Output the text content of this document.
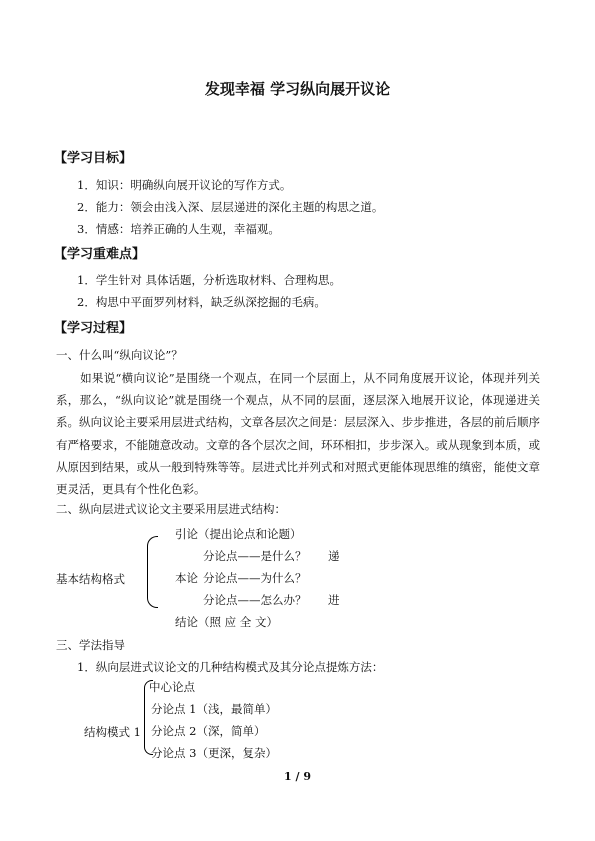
发现幸福 学习纵向展开议论
【学习目标】
1．知识：明确纵向展开议论的写作方式。
2．能力：领会由浅入深、层层递进的深化主题的构思之道。
3．情感：培养正确的人生观，幸福观。
【学习重难点】
1．学生针对 具体话题，分析选取材料、合理构思。
2．构思中平面罗列材料，缺乏纵深挖掘的毛病。
【学习过程】
一、什么叫“纵向议论”？
如果说“横向议论”是围绕一个观点，在同一个层面上，从不同角度展开议论，体现并列关系，那么，“纵向议论”就是围绕一个观点，从不同的层面，逐层深入地展开议论，体现递进关系。纵向议论主要采用层进式结构，文章各层次之间是：层层深入、步步推进，各层的前后顺序有严格要求，不能随意改动。文章的各个层次之间，环环相扣，步步深入。或从现象到本质，或从原因到结果，或从一般到特殊等等。层进式比并列式和对照式更能体现思维的缜密，能使文章更灵活，更具有个性化色彩。
二、纵向层进式议论文主要采用层进式结构：
基本结构格式
引论（提出论点和论题）
分论点——是什么？ 递
本论 分论点——为什么？
分论点——怎么办？ 进
结论（照 应 全 文）
三、学法指导
1．纵向层进式议论文的几种结构模式及其分论点提炼方法：
结构模式 1
中心论点
分论点 1（浅，最简单）
分论点 2（深，简单）
分论点 3（更深，复杂）
1 / 9
